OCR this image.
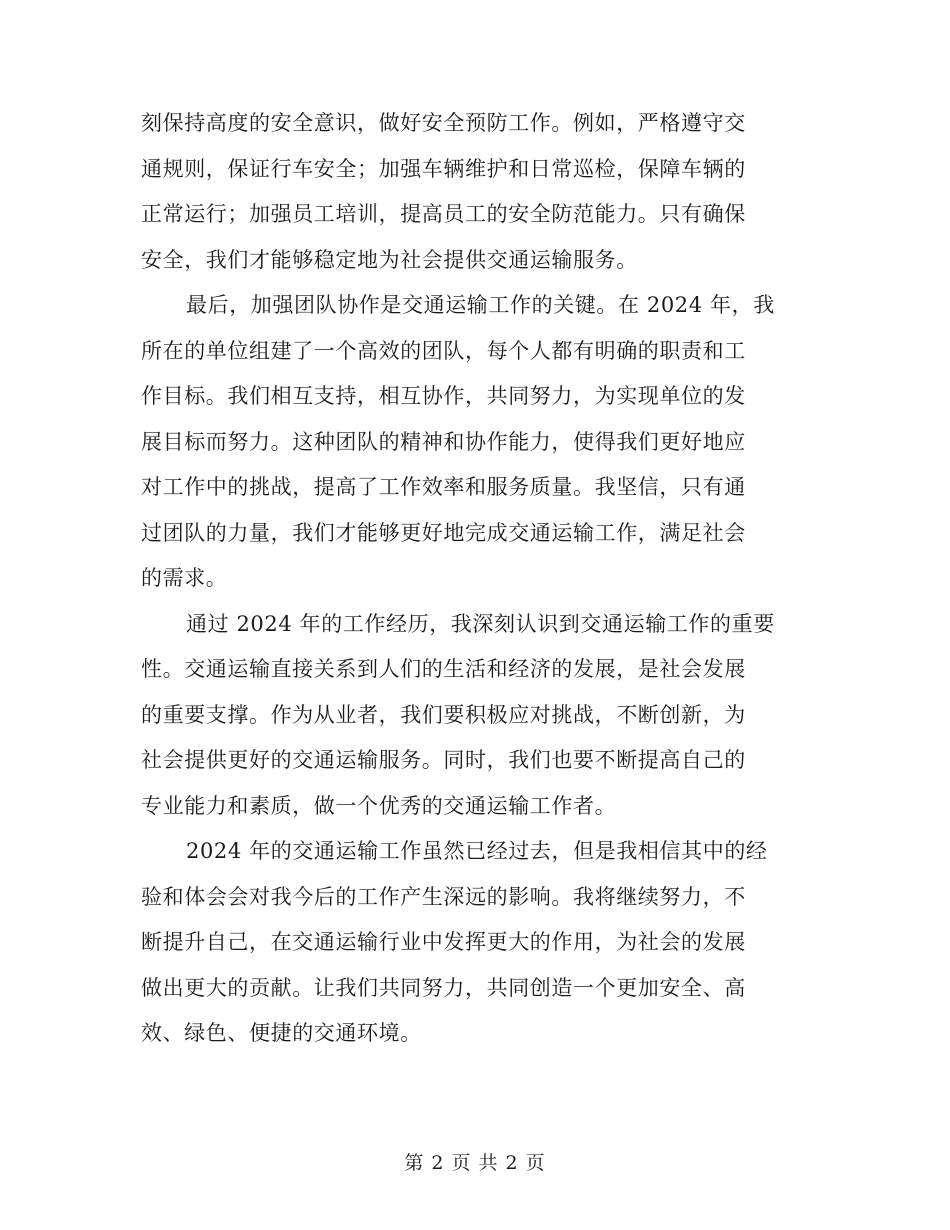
刻保持高度的安全意识，做好安全预防工作。例如，严格遵守交
通规则，保证行车安全；加强车辆维护和日常巡检，保障车辆的
正常运行；加强员工培训，提高员工的安全防范能力。只有确保
安全，我们才能够稳定地为社会提供交通运输服务。
最后，加强团队协作是交通运输工作的关键。在 2024 年，我
所在的单位组建了一个高效的团队，每个人都有明确的职责和工
作目标。我们相互支持，相互协作，共同努力，为实现单位的发
展目标而努力。这种团队的精神和协作能力，使得我们更好地应
对工作中的挑战，提高了工作效率和服务质量。我坚信，只有通
过团队的力量，我们才能够更好地完成交通运输工作，满足社会
的需求。
通过 2024 年的工作经历，我深刻认识到交通运输工作的重要
性。交通运输直接关系到人们的生活和经济的发展，是社会发展
的重要支撑。作为从业者，我们要积极应对挑战，不断创新，为
社会提供更好的交通运输服务。同时，我们也要不断提高自己的
专业能力和素质，做一个优秀的交通运输工作者。
2024 年的交通运输工作虽然已经过去，但是我相信其中的经
验和体会会对我今后的工作产生深远的影响。我将继续努力，不
断提升自己，在交通运输行业中发挥更大的作用，为社会的发展
做出更大的贡献。让我们共同努力，共同创造一个更加安全、高
效、绿色、便捷的交通环境。
第 2 页 共 2 页
